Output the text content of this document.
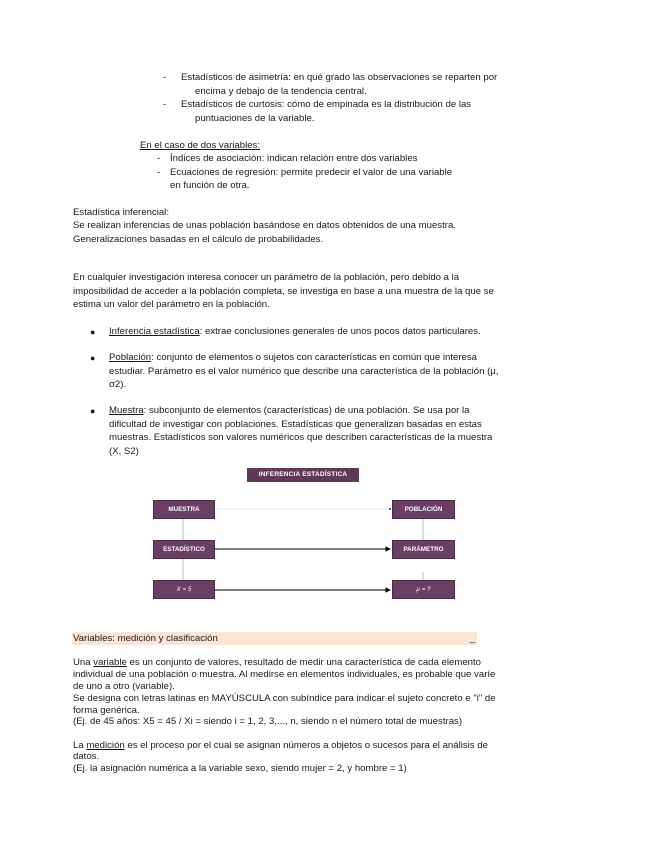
- Estadísticos de asimetría: en qué grado las observaciones se reparten por
encima y debajo de la tendencia central.
- Estadísticos de curtosis: cómo de empinada es la distribución de las
puntuaciones de la variable.
En el caso de dos variables:
- Índices de asociación: indican relación entre dos variables
- Ecuaciones de regresión: permite predecir el valor de una variable
en función de otra.
Estadística inferencial:
Se realizan inferencias de unas población basándose en datos obtenidos de una muestra.
Generalizaciones basadas en el cálculo de probabilidades.
En cualquier investigación interesa conocer un parámetro de la población, pero debido a la
imposibilidad de acceder a la población completa, se investiga en base a una muestra de la que se
estima un valor del parámetro en la población.
● Inferencia estadística: extrae conclusiones generales de unos pocos datos particulares.
● Población: conjunto de elementos o sujetos con características en común que interesa
estudiar. Parámetro es el valor numérico que describe una característica de la población (μ,
σ2).
● Muestra: subconjunto de elementos (características) de una población. Se usa por la
dificultad de investigar con poblaciones. Estadísticas que generalizan basadas en estas
muestras. Estadísticos son valores numéricos que describen características de la muestra
(X, S2)
INFERENCIA ESTADÍSTICA
MUESTRA	POBLACIÓN
ESTADÍSTICO	PARÁMETRO
X = 5	μ = ?
Variables: medición y clasificación	_
Una variable es un conjunto de valores, resultado de medir una característica de cada elemento
individual de una población o muestra. Al medirse en elementos individuales, es probable que varíe
de uno a otro (variable).
Se designa con letras latinas en MAYÚSCULA con subíndice para indicar el sujeto concreto e "i" de
forma genérica.
(Ej. de 45 años: X5 = 45 / Xi = siendo i = 1, 2, 3,..., n, siendo n el número total de muestras)
La medición es el proceso por el cual se asignan números a objetos o sucesos para el análisis de
datos.
(Ej. la asignación numérica a la variable sexo, siendo mujer = 2, y hombre = 1)
